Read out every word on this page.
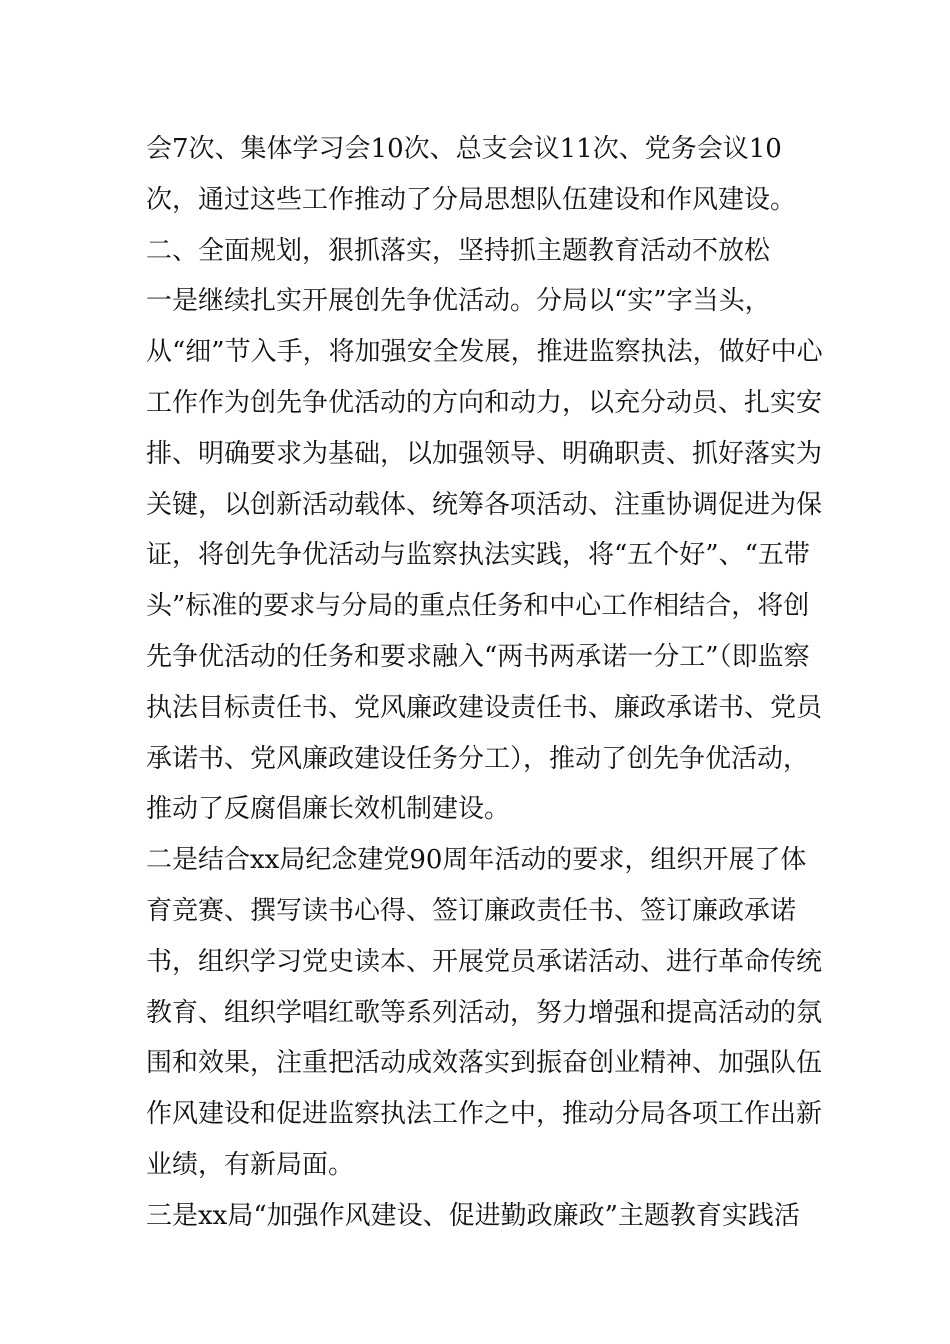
会7次、集体学习会10次、总支会议11次、党务会议10次，通过这些工作推动了分局思想队伍建设和作风建设。

二、全面规划，狠抓落实，坚持抓主题教育活动不放松

一是继续扎实开展创先争优活动。分局以“实”字当头，从“细”节入手，将加强安全发展，推进监察执法，做好中心工作作为创先争优活动的方向和动力，以充分动员、扎实安排、明确要求为基础，以加强领导、明确职责、抓好落实为关键，以创新活动载体、统筹各项活动、注重协调促进为保证，将创先争优活动与监察执法实践，将“五个好”、“五带头”标准的要求与分局的重点任务和中心工作相结合，将创先争优活动的任务和要求融入“两书两承诺一分工”（即监察执法目标责任书、党风廉政建设责任书、廉政承诺书、党员承诺书、党风廉政建设任务分工），推动了创先争优活动，推动了反腐倡廉长效机制建设。

二是结合xx局纪念建党90周年活动的要求，组织开展了体育竞赛、撰写读书心得、签订廉政责任书、签订廉政承诺书，组织学习党史读本、开展党员承诺活动、进行革命传统教育、组织学唱红歌等系列活动，努力增强和提高活动的氛围和效果，注重把活动成效落实到振奋创业精神、加强队伍作风建设和促进监察执法工作之中，推动分局各项工作出新业绩，有新局面。

三是xx局“加强作风建设、促进勤政廉政”主题教育实践活
